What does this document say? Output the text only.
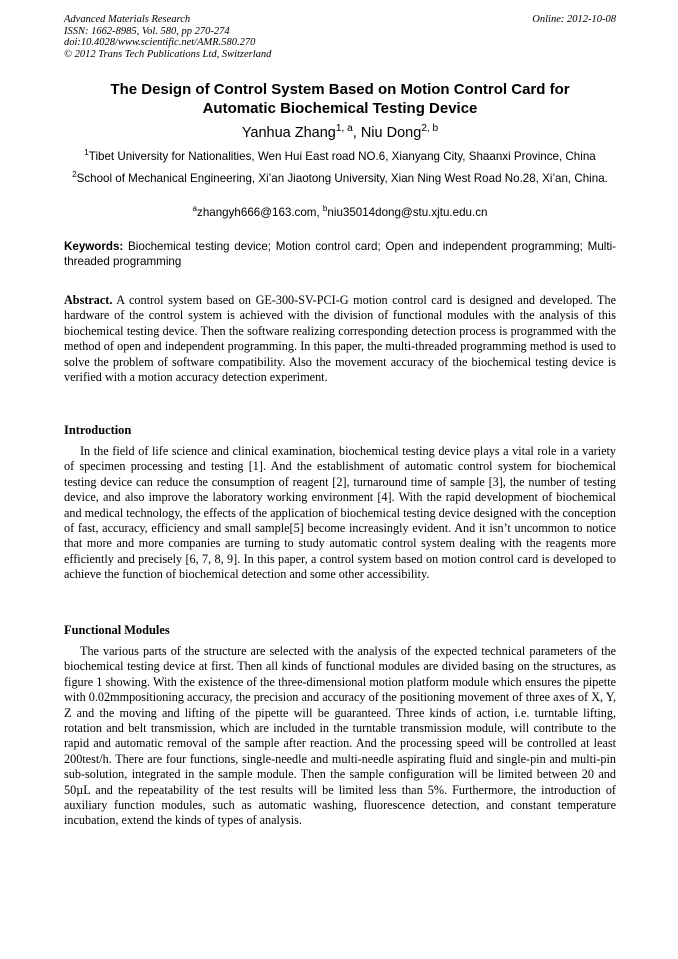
Advanced Materials Research
ISSN: 1662-8985, Vol. 580, pp 270-274
doi:10.4028/www.scientific.net/AMR.580.270
© 2012 Trans Tech Publications Ltd, Switzerland
Online: 2012-10-08
The Design of Control System Based on Motion Control Card for
Automatic Biochemical Testing Device
Yanhua Zhang$^{1, a}$, Niu Dong$^{2, b}$
$^1$Tibet University for Nationalities, Wen Hui East road NO.6, Xianyang City, Shaanxi Province, China
$^2$School of Mechanical Engineering, Xi’an Jiaotong University, Xian Ning West Road No.28, Xi’an, China.
$^a$zhangyh666@163.com, $^b$niu35014dong@stu.xjtu.edu.cn
Keywords: Biochemical testing device; Motion control card; Open and independent programming; Multi-threaded programming
Abstract. A control system based on GE-300-SV-PCI-G motion control card is designed and developed. The hardware of the control system is achieved with the division of functional modules with the analysis of this biochemical testing device. Then the software realizing corresponding detection process is programmed with the method of open and independent programming. In this paper, the multi-threaded programming method is used to solve the problem of software compatibility. Also the movement accuracy of the biochemical testing device is verified with a motion accuracy detection experiment.
Introduction
In the field of life science and clinical examination, biochemical testing device plays a vital role in a variety of specimen processing and testing [1]. And the establishment of automatic control system for biochemical testing device can reduce the consumption of reagent [2], turnaround time of sample [3], the number of testing device, and also improve the laboratory working environment [4]. With the rapid development of biochemical and medical technology, the effects of the application of biochemical testing device designed with the conception of fast, accuracy, efficiency and small sample[5] become increasingly evident. And it isn’t uncommon to notice that more and more companies are turning to study automatic control system dealing with the reagents more efficiently and precisely [6, 7, 8, 9]. In this paper, a control system based on motion control card is developed to achieve the function of biochemical detection and some other accessibility.
Functional Modules
The various parts of the structure are selected with the analysis of the expected technical parameters of the biochemical testing device at first. Then all kinds of functional modules are divided basing on the structures, as figure 1 showing. With the existence of the three-dimensional motion platform module which ensures the pipette with 0.02mmpositioning accuracy, the precision and accuracy of the positioning movement of three axes of X, Y, Z and the moving and lifting of the pipette will be guaranteed. Three kinds of action, i.e. turntable lifting, rotation and belt transmission, which are included in the turntable transmission module, will contribute to the rapid and automatic removal of the sample after reaction. And the processing speed will be controlled at least 200test/h. There are four functions, single-needle and multi-needle aspirating fluid and single-pin and multi-pin sub-solution, integrated in the sample module. Then the sample configuration will be limited between 20 and 50µL and the repeatability of the test results will be limited less than 5%. Furthermore, the introduction of auxiliary function modules, such as automatic washing, fluorescence detection, and constant temperature incubation, extend the kinds of types of analysis.
